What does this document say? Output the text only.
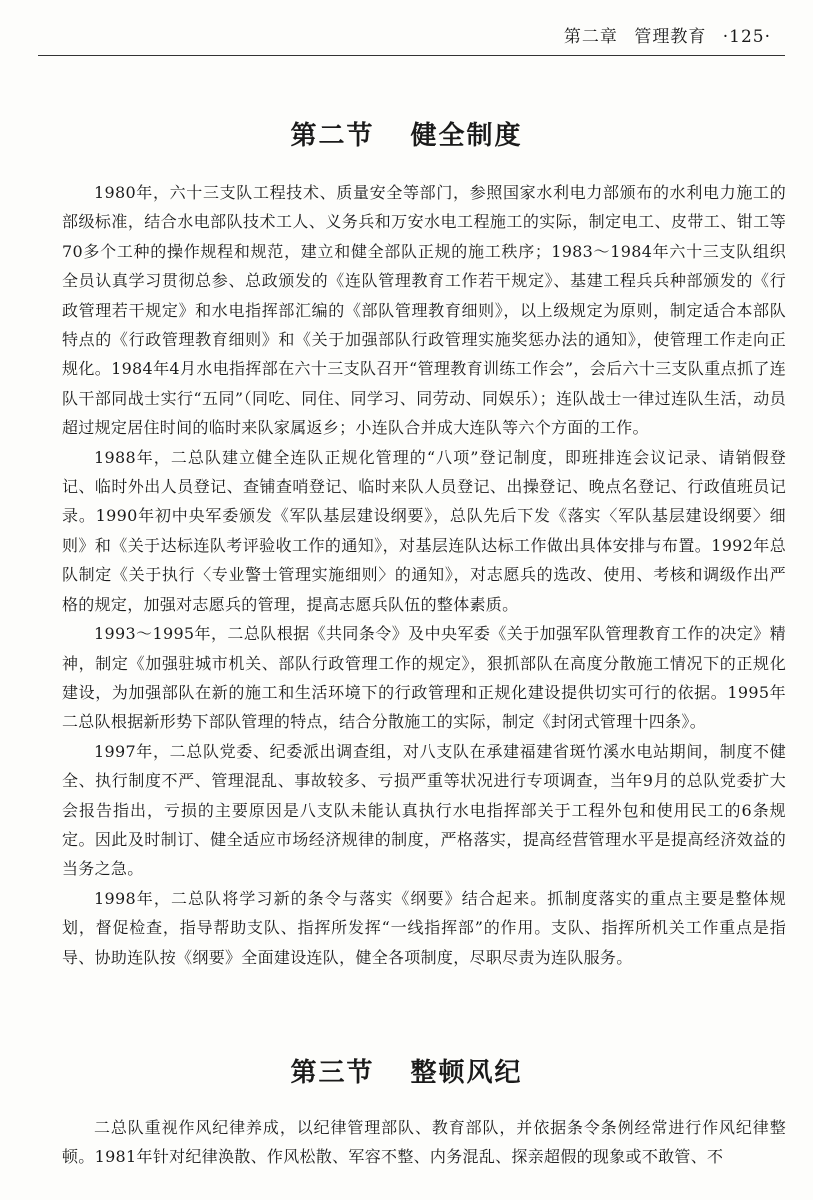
第二章 管理教育 ·125·
第二节 健全制度

1980年，六十三支队工程技术、质量安全等部门，参照国家水利电力部颁布的水利电力施工的部级标准，结合水电部队技术工人、义务兵和万安水电工程施工的实际，制定电工、皮带工、钳工等70多个工种的操作规程和规范，建立和健全部队正规的施工秩序；1983～1984年六十三支队组织全员认真学习贯彻总参、总政颁发的《连队管理教育工作若干规定》、基建工程兵兵种部颁发的《行政管理若干规定》和水电指挥部汇编的《部队管理教育细则》，以上级规定为原则，制定适合本部队特点的《行政管理教育细则》和《关于加强部队行政管理实施奖惩办法的通知》，使管理工作走向正规化。1984年4月水电指挥部在六十三支队召开“管理教育训练工作会”，会后六十三支队重点抓了连队干部同战士实行“五同”（同吃、同住、同学习、同劳动、同娱乐）；连队战士一律过连队生活，动员超过规定居住时间的临时来队家属返乡；小连队合并成大连队等六个方面的工作。

1988年，二总队建立健全连队正规化管理的“八项”登记制度，即班排连会议记录、请销假登记、临时外出人员登记、查铺查哨登记、临时来队人员登记、出操登记、晚点名登记、行政值班员记录。1990年初中央军委颁发《军队基层建设纲要》，总队先后下发《落实〈军队基层建设纲要〉细则》和《关于达标连队考评验收工作的通知》，对基层连队达标工作做出具体安排与布置。1992年总队制定《关于执行〈专业警士管理实施细则〉的通知》，对志愿兵的选改、使用、考核和调级作出严格的规定，加强对志愿兵的管理，提高志愿兵队伍的整体素质。

1993～1995年，二总队根据《共同条令》及中央军委《关于加强军队管理教育工作的决定》精神，制定《加强驻城市机关、部队行政管理工作的规定》，狠抓部队在高度分散施工情况下的正规化建设，为加强部队在新的施工和生活环境下的行政管理和正规化建设提供切实可行的依据。1995年二总队根据新形势下部队管理的特点，结合分散施工的实际，制定《封闭式管理十四条》。

1997年，二总队党委、纪委派出调查组，对八支队在承建福建省斑竹溪水电站期间，制度不健全、执行制度不严、管理混乱、事故较多、亏损严重等状况进行专项调查，当年9月的总队党委扩大会报告指出，亏损的主要原因是八支队未能认真执行水电指挥部关于工程外包和使用民工的6条规定。因此及时制订、健全适应市场经济规律的制度，严格落实，提高经营管理水平是提高经济效益的当务之急。

1998年，二总队将学习新的条令与落实《纲要》结合起来。抓制度落实的重点主要是整体规划，督促检查，指导帮助支队、指挥所发挥“一线指挥部”的作用。支队、指挥所机关工作重点是指导、协助连队按《纲要》全面建设连队，健全各项制度，尽职尽责为连队服务。

第三节 整顿风纪

二总队重视作风纪律养成，以纪律管理部队、教育部队，并依据条令条例经常进行作风纪律整顿。1981年针对纪律涣散、作风松散、军容不整、内务混乱、探亲超假的现象或不敢管、不
